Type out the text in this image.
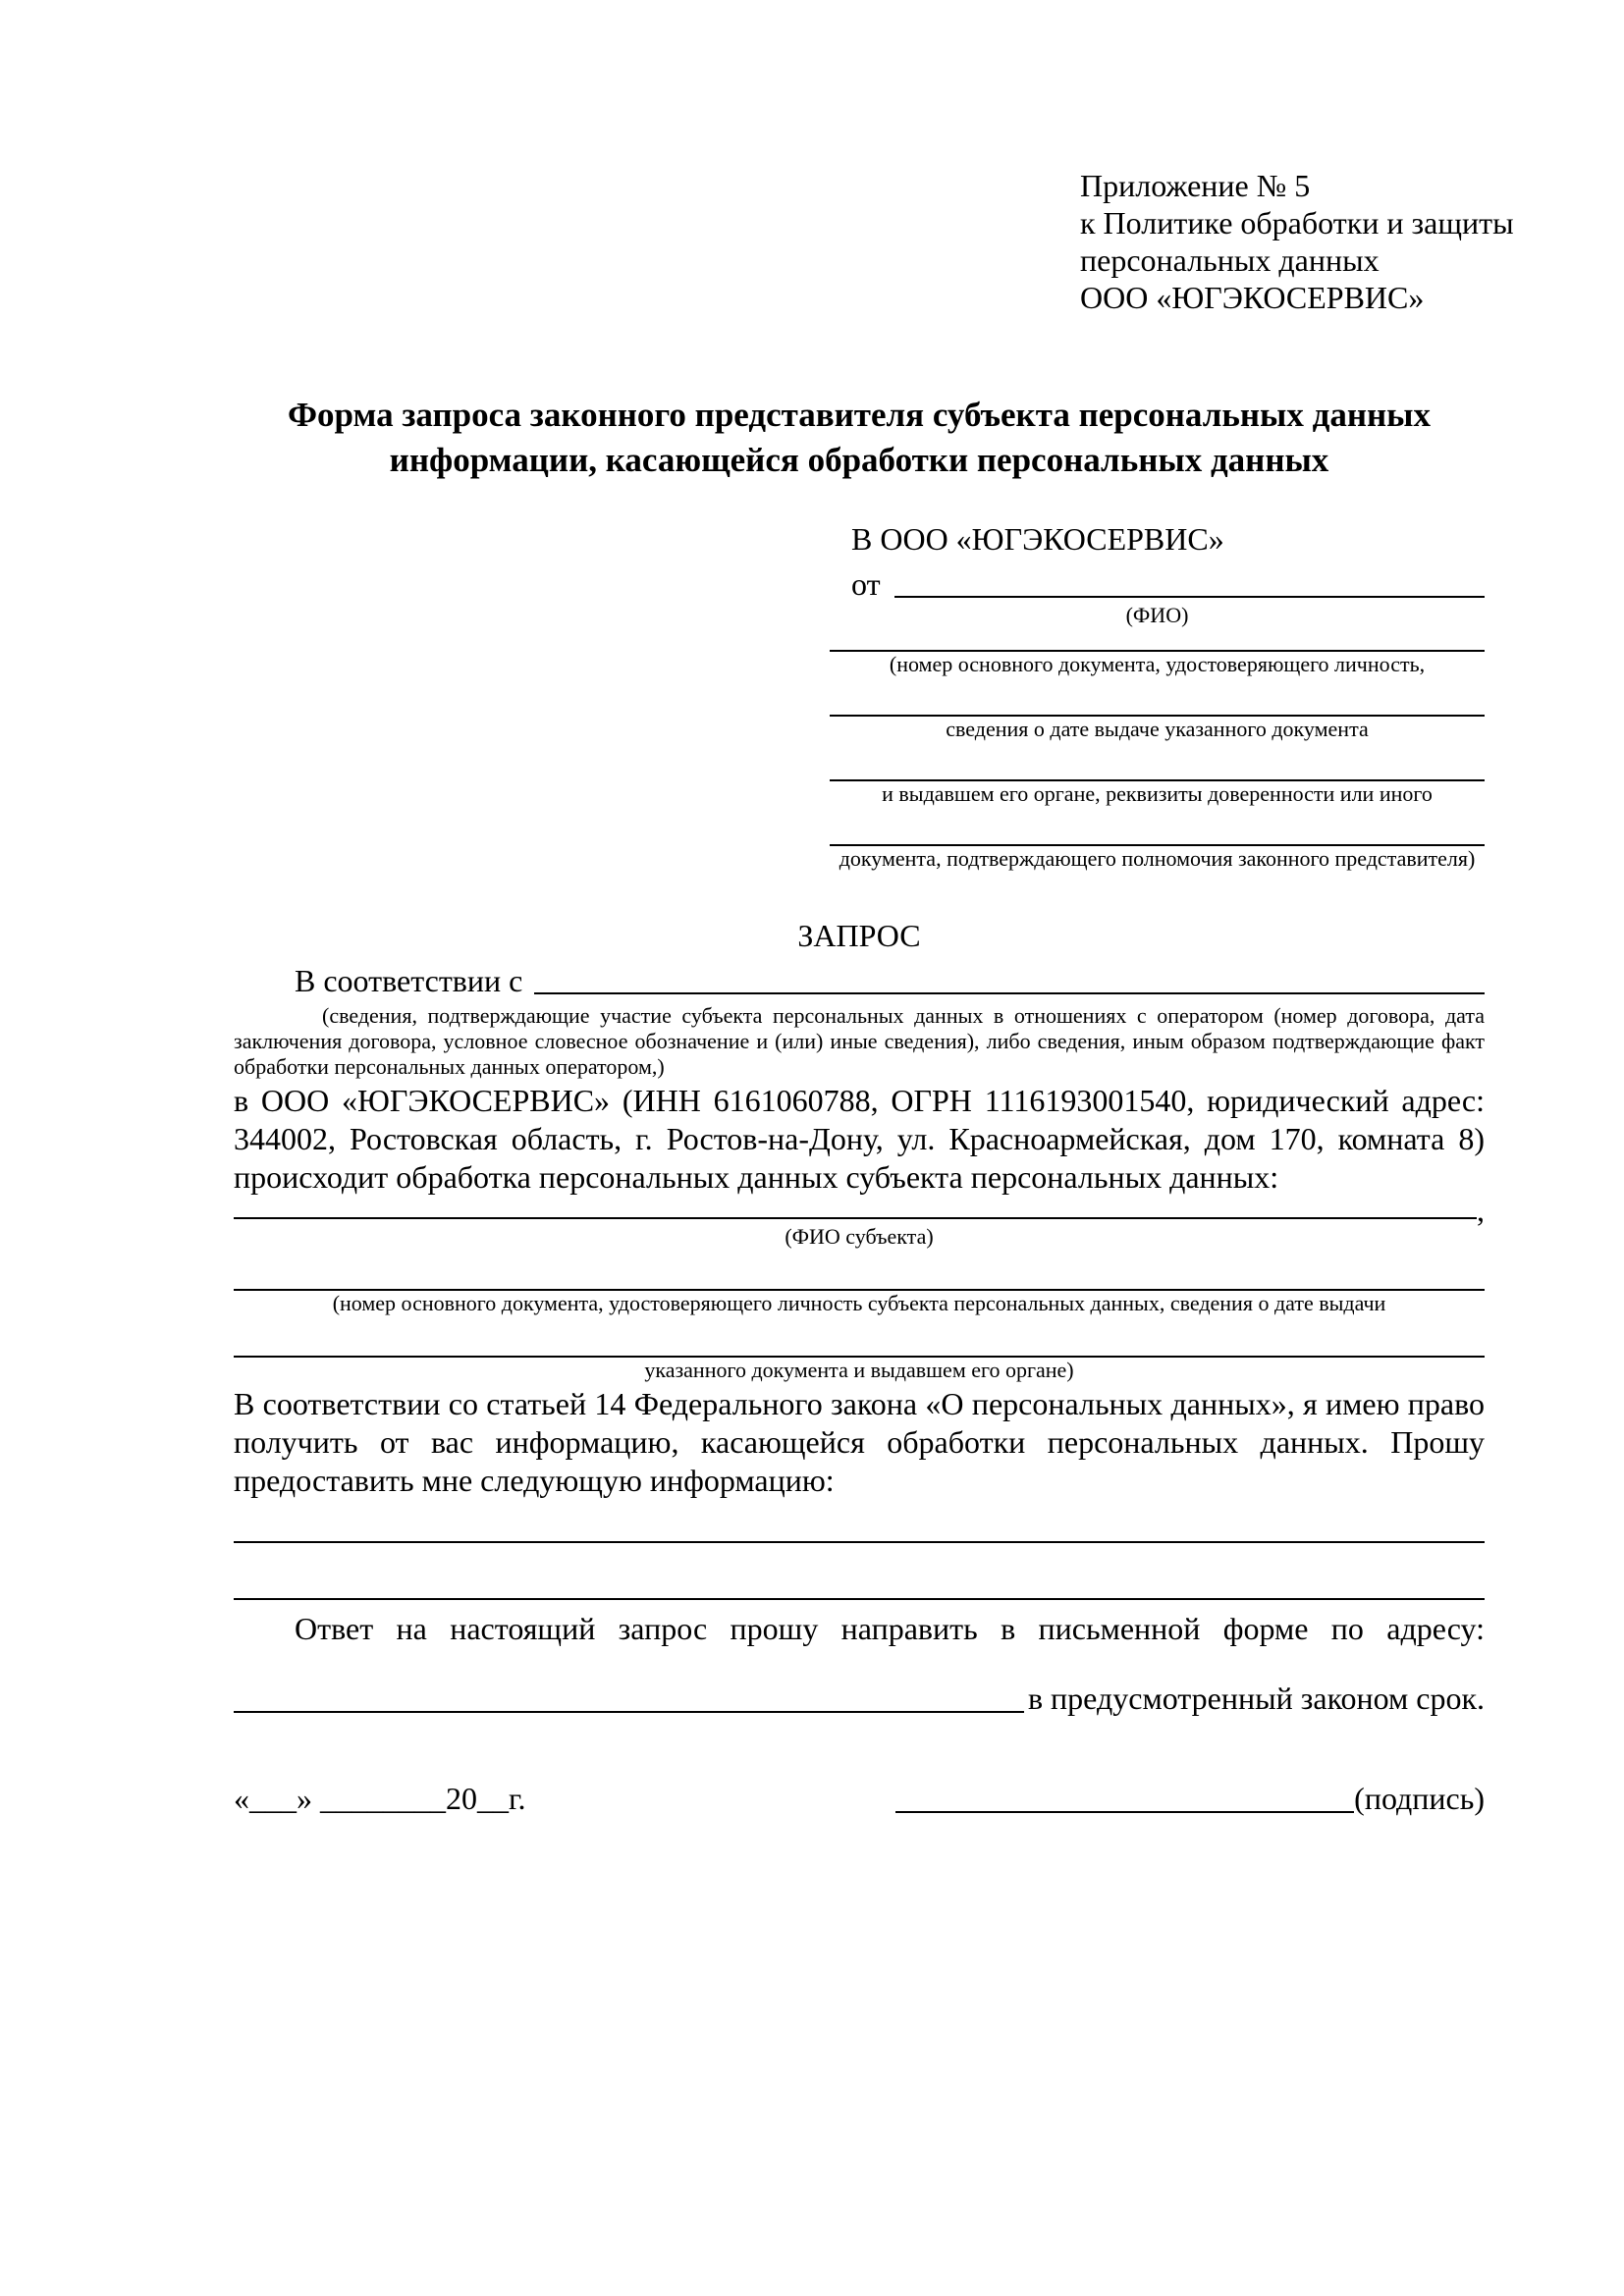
Приложение № 5
к Политике обработки и защиты
персональных данных
ООО «ЮГЭКОСЕРВИС»
Форма запроса законного представителя субъекта персональных данных
информации, касающейся обработки персональных данных
В ООО «ЮГЭКОСЕРВИС»
от
(ФИО)
(номер основного документа, удостоверяющего личность,
сведения о дате выдаче указанного документа
и выдавшем его органе, реквизиты доверенности или иного
документа, подтверждающего полномочия законного представителя)
ЗАПРОС
В соответствии с

(сведения, подтверждающие участие субъекта персональных данных в отношениях с оператором (номер договора, дата заключения договора, условное словесное обозначение и (или) иные сведения), либо сведения, иным образом подтверждающие факт обработки персональных данных оператором,)

в ООО «ЮГЭКОСЕРВИС» (ИНН 6161060788, ОГРН 1116193001540, юридический адрес: 344002, Ростовская область, г. Ростов-на-Дону, ул. Красноармейская, дом 170, комната 8) происходит обработка персональных данных субъекта персональных данных:

,
(ФИО субъекта)
(номер основного документа, удостоверяющего личность субъекта персональных данных, сведения о дате выдачи
указанного документа и выдавшем его органе)

В соответствии со статьей 14 Федерального закона «О персональных данных», я имею право получить от вас информацию, касающейся обработки персональных данных. Прошу предоставить мне следующую информацию:

Ответ на настоящий запрос прошу направить в письменной форме по адресу:

в предусмотренный законом срок.
«___» ________20__г.	(подпись)
